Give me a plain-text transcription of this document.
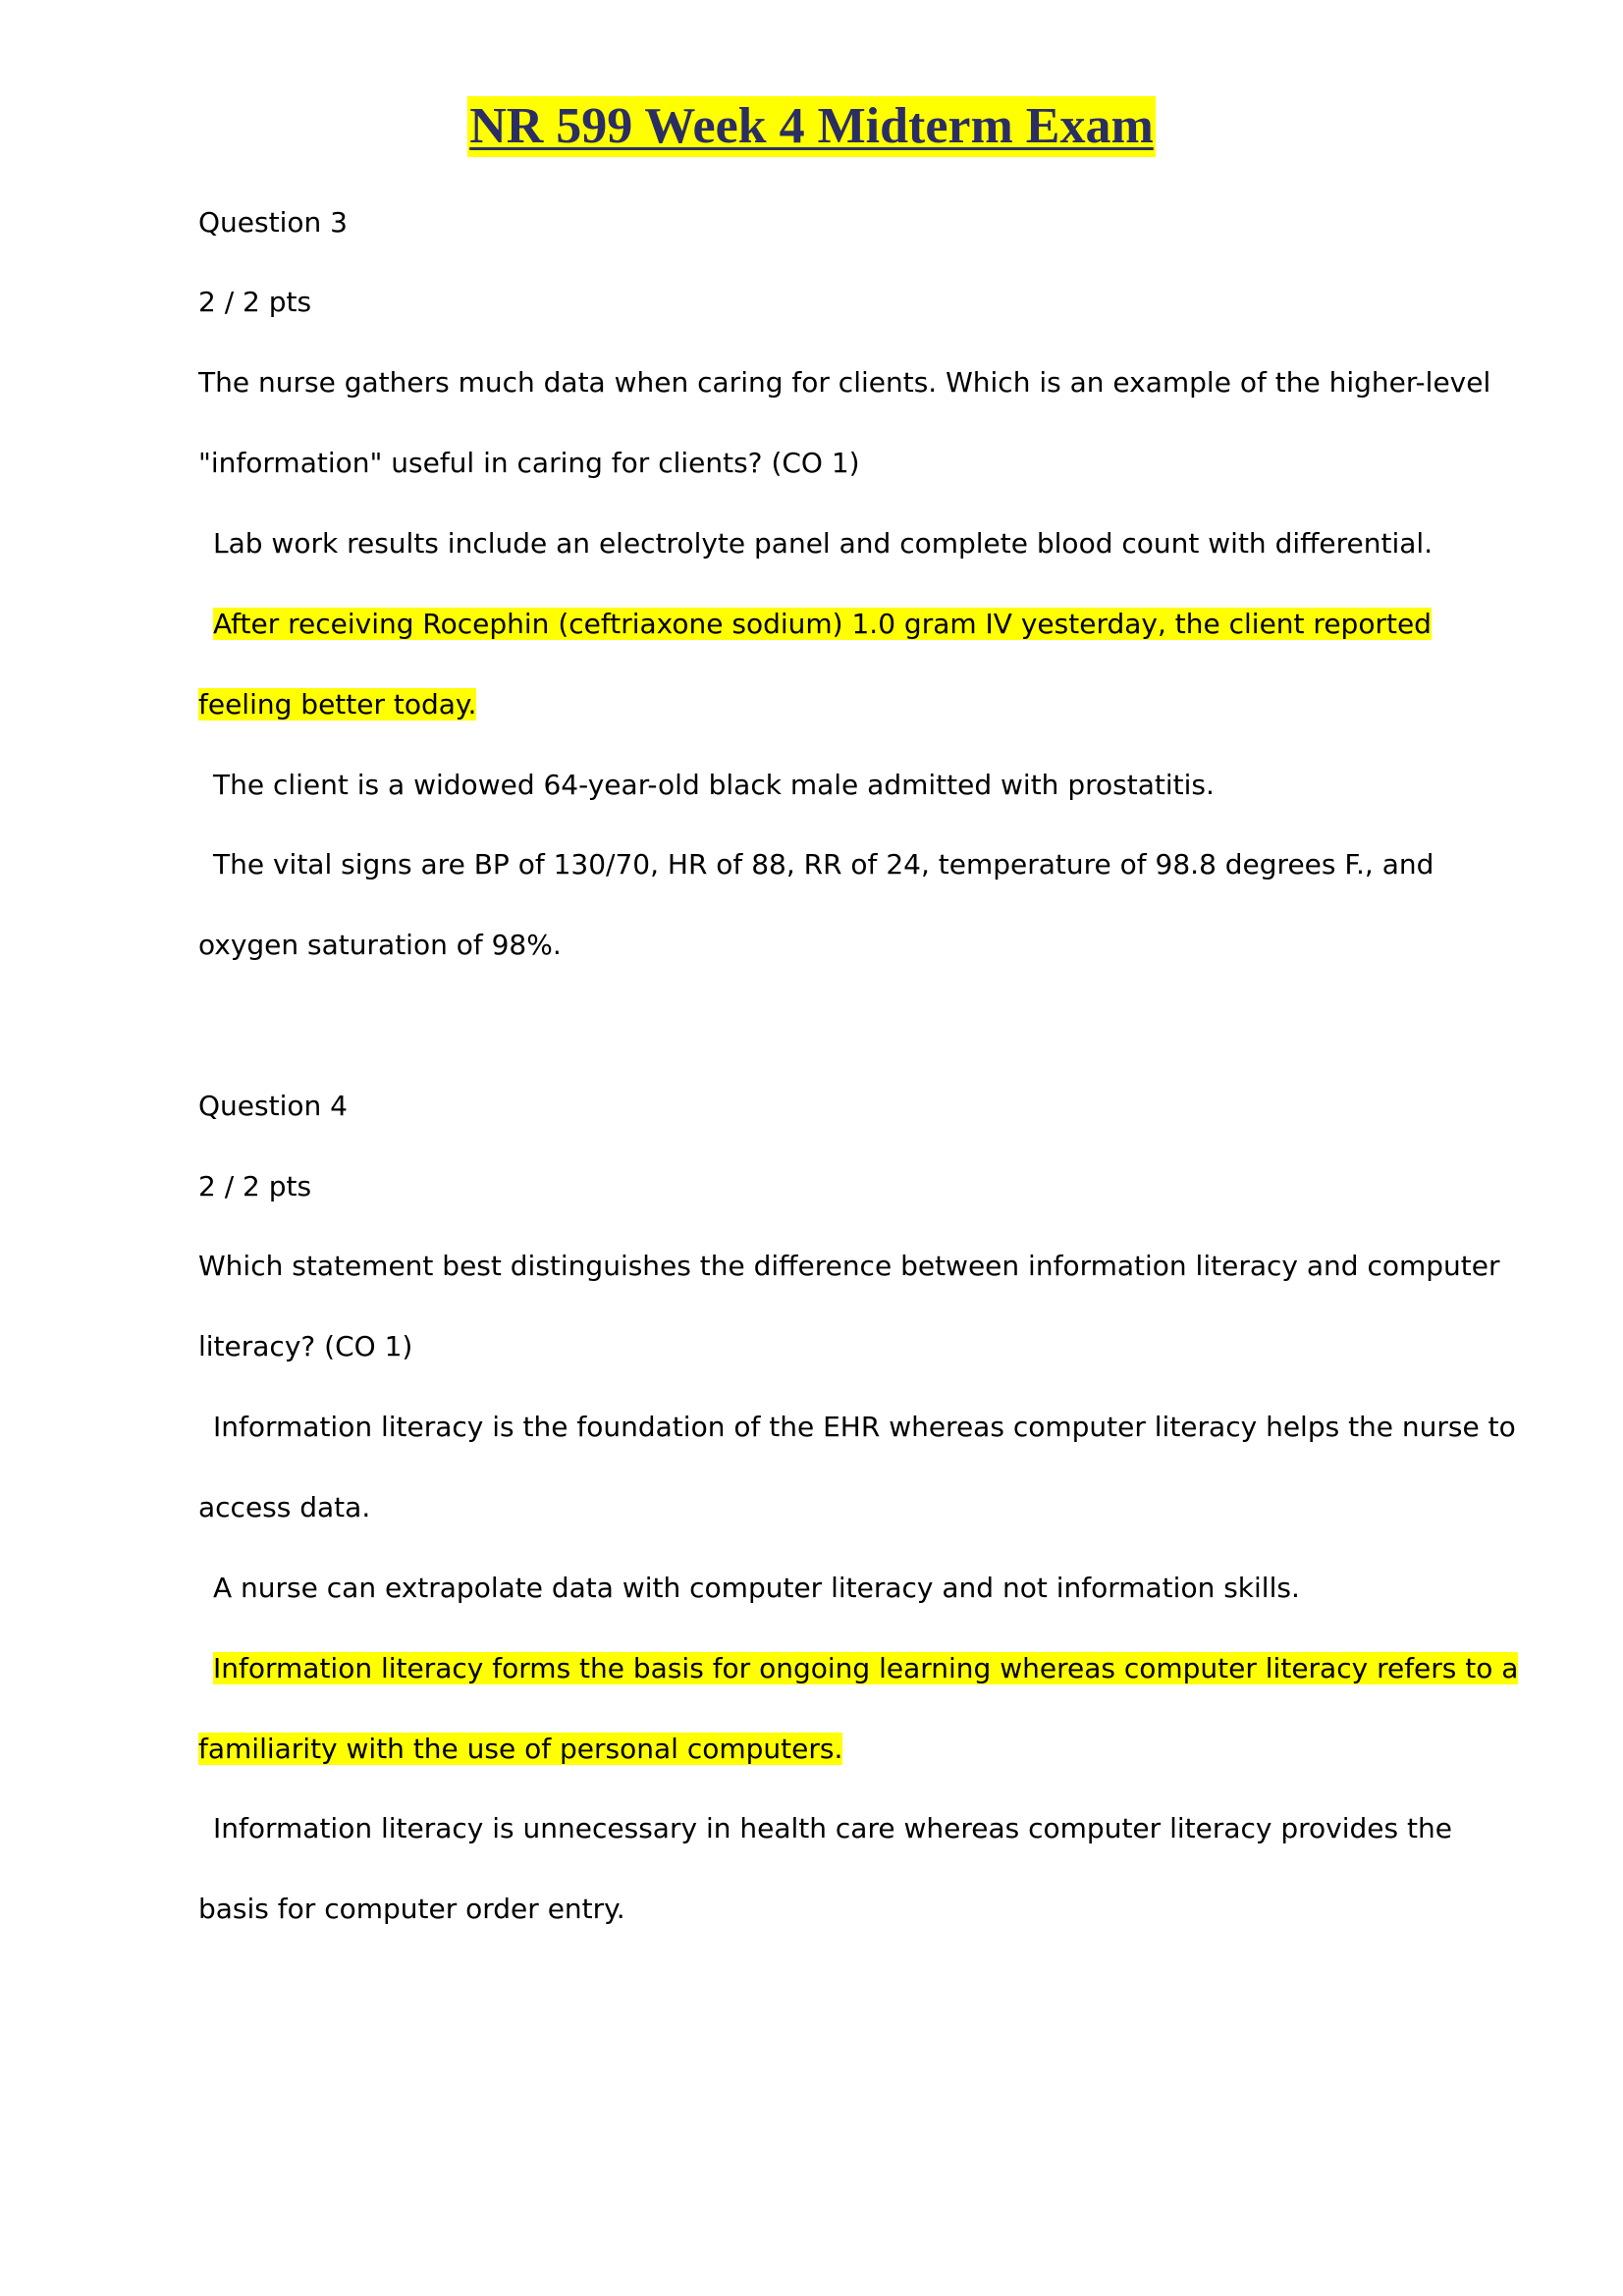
NR 599 Week 4 Midterm Exam
Question 3
2 / 2 pts
The nurse gathers much data when caring for clients. Which is an example of the higher-level
"information" useful in caring for clients? (CO 1)
Lab work results include an electrolyte panel and complete blood count with differential.
After receiving Rocephin (ceftriaxone sodium) 1.0 gram IV yesterday, the client reported
feeling better today.
The client is a widowed 64-year-old black male admitted with prostatitis.
The vital signs are BP of 130/70, HR of 88, RR of 24, temperature of 98.8 degrees F., and
oxygen saturation of 98%.
Question 4
2 / 2 pts
Which statement best distinguishes the difference between information literacy and computer
literacy? (CO 1)
Information literacy is the foundation of the EHR whereas computer literacy helps the nurse to
access data.
A nurse can extrapolate data with computer literacy and not information skills.
Information literacy forms the basis for ongoing learning whereas computer literacy refers to a
familiarity with the use of personal computers.
Information literacy is unnecessary in health care whereas computer literacy provides the
basis for computer order entry.
